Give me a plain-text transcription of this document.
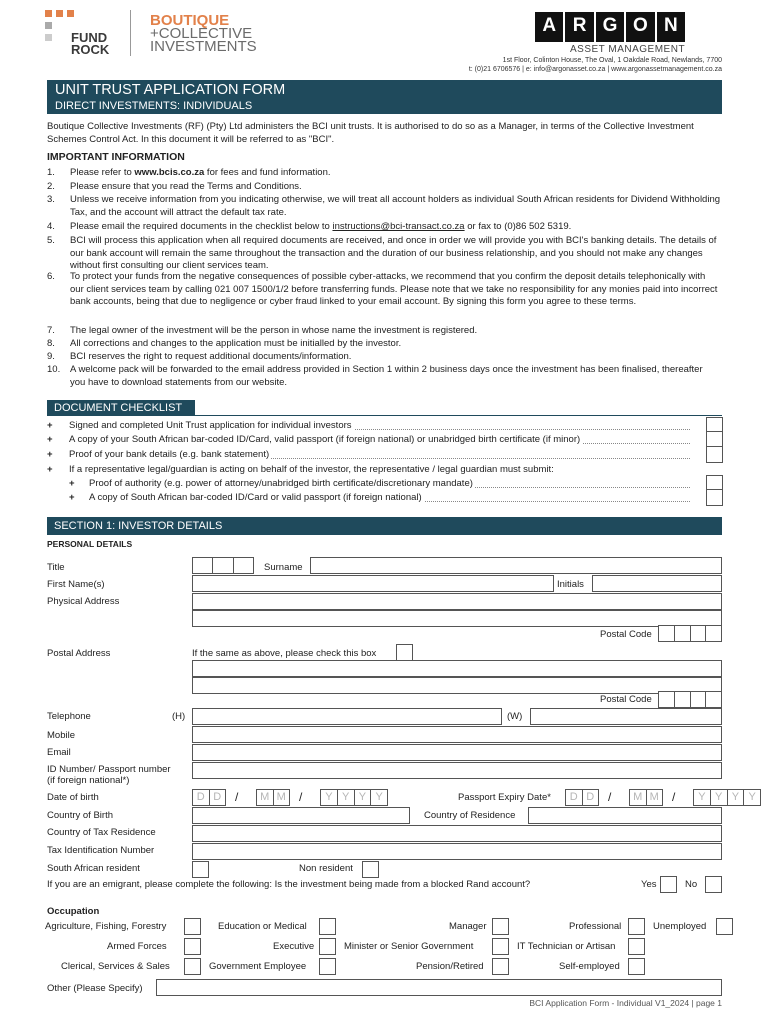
FUND
ROCK
BOUTIQUE
+COLLECTIVE
INVESTMENTS
A R G O N
ASSET MANAGEMENT
1st Floor, Colinton House, The Oval, 1 Oakdale Road, Newlands, 7700
t: (0)21 6706576 | e: info@argonasset.co.za | www.argonassetmanagement.co.za
UNIT TRUST APPLICATION FORM
DIRECT INVESTMENTS: INDIVIDUALS
Boutique Collective Investments (RF) (Pty) Ltd administers the BCI unit trusts. It is authorised to do so as a Manager, in terms of the Collective Investment Schemes Control Act. In this document it will be referred to as "BCI".
IMPORTANT INFORMATION
1.	Please refer to www.bcis.co.za for fees and fund information.
2.	Please ensure that you read the Terms and Conditions.
3.	Unless we receive information from you indicating otherwise, we will treat all account holders as individual South African residents for Dividend Withholding Tax, and the account will attract the default tax rate.
4.	Please email the required documents in the checklist below to instructions@bci-transact.co.za or fax to (0)86 502 5319.
5.	BCI will process this application when all required documents are received, and once in order we will provide you with BCI's banking details. The details of our bank account will remain the same throughout the transaction and the duration of our business relationship, and you should not make any changes without first consulting our client services team.
6.	To protect your funds from the negative consequences of possible cyber-attacks, we recommend that you confirm the deposit details telephonically with our client services team by calling 021 007 1500/1/2 before transferring funds. Please note that we take no responsibility for any monies paid into incorrect bank accounts, being that due to negligence or cyber fraud linked to your email account. By signing this form you agree to these terms.
7.	The legal owner of the investment will be the person in whose name the investment is registered.
8.	All corrections and changes to the application must be initialled by the investor.
9.	BCI reserves the right to request additional documents/information.
10.	A welcome pack will be forwarded to the email address provided in Section 1 within 2 business days once the investment has been finalised, thereafter you have to download statements from our website.
DOCUMENT CHECKLIST
+ Signed and completed Unit Trust application for individual investors
+ A copy of your South African bar-coded ID/Card, valid passport (if foreign national) or unabridged birth certificate (if minor)
+ Proof of your bank details (e.g. bank statement)
+ If a representative legal/guardian is acting on behalf of the investor, the representative / legal guardian must submit:
+ Proof of authority (e.g. power of attorney/unabridged birth certificate/discretionary mandate)
+ A copy of South African bar-coded ID/Card or valid passport (if foreign national)
SECTION 1: INVESTOR DETAILS
PERSONAL DETAILS
Title	Surname
First Name(s)	Initials
Physical Address
Postal Code
Postal Address	If the same as above, please check this box
Postal Code
Telephone	(H)	(W)
Mobile
Email
ID Number/ Passport number
(if foreign national*)
Date of birth	D D	/ M M /	Y Y Y Y	Passport Expiry Date*	D D	/ M M /	Y Y Y Y
Country of Birth	Country of Residence
Country of Tax Residence
Tax Identification Number
South African resident	Non resident
If you are an emigrant, please complete the following: Is the investment being made from a blocked Rand account?	Yes	No
Occupation
Agriculture, Fishing, Forestry	Education or Medical	Manager	Professional	Unemployed
Armed Forces	Executive	Minister or Senior Government	IT Technician or Artisan
Clerical, Services & Sales	Government Employee	Pension/Retired	Self-employed
Other (Please Specify)
BCI Application Form - Individual V1_2024 | page 1
